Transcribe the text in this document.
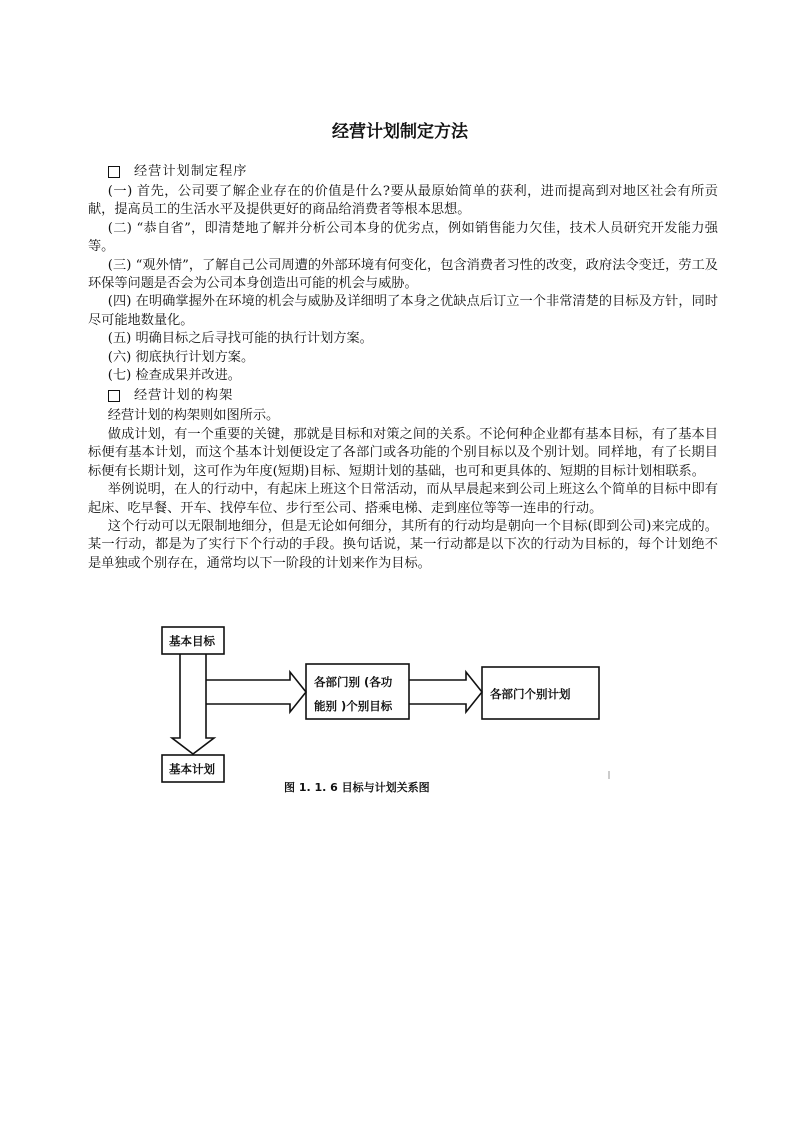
经营计划制定方法
经营计划制定程序

(一) 首先，公司要了解企业存在的价值是什么?要从最原始简单的获利，进而提高到对地区社会有所贡献，提高员工的生活水平及提供更好的商品给消费者等根本思想。

(二) “恭自省”，即清楚地了解并分析公司本身的优劣点，例如销售能力欠佳，技术人员研究开发能力强等。

(三) “观外情”，了解自己公司周遭的外部环境有何变化，包含消费者习性的改变，政府法令变迁，劳工及环保等问题是否会为公司本身创造出可能的机会与威胁。

(四) 在明确掌握外在环境的机会与威胁及详细明了本身之优缺点后订立一个非常清楚的目标及方针，同时尽可能地数量化。

(五) 明确目标之后寻找可能的执行计划方案。

(六) 彻底执行计划方案。

(七) 检查成果并改进。

经营计划的构架

经营计划的构架则如图所示。

做成计划，有一个重要的关键，那就是目标和对策之间的关系。不论何种企业都有基本目标，有了基本目标便有基本计划，而这个基本计划便设定了各部门或各功能的个别目标以及个别计划。同样地，有了长期目标便有长期计划，这可作为年度(短期)目标、短期计划的基础，也可和更具体的、短期的目标计划相联系。

举例说明，在人的行动中，有起床上班这个日常活动，而从早晨起来到公司上班这么个简单的目标中即有起床、吃早餐、开车、找停车位、步行至公司、搭乘电梯、走到座位等等一连串的行动。

这个行动可以无限制地细分，但是无论如何细分，其所有的行动均是朝向一个目标(即到公司)来完成的。某一行动，都是为了实行下个行动的手段。换句话说，某一行动都是以下次的行动为目标的，每个计划绝不是单独或个别存在，通常均以下一阶段的计划来作为目标。

基本目标
基本计划
各部门别 (各功
能别 )个别目标
各部门个别计划
图 1. 1. 6 目标与计划关系图
